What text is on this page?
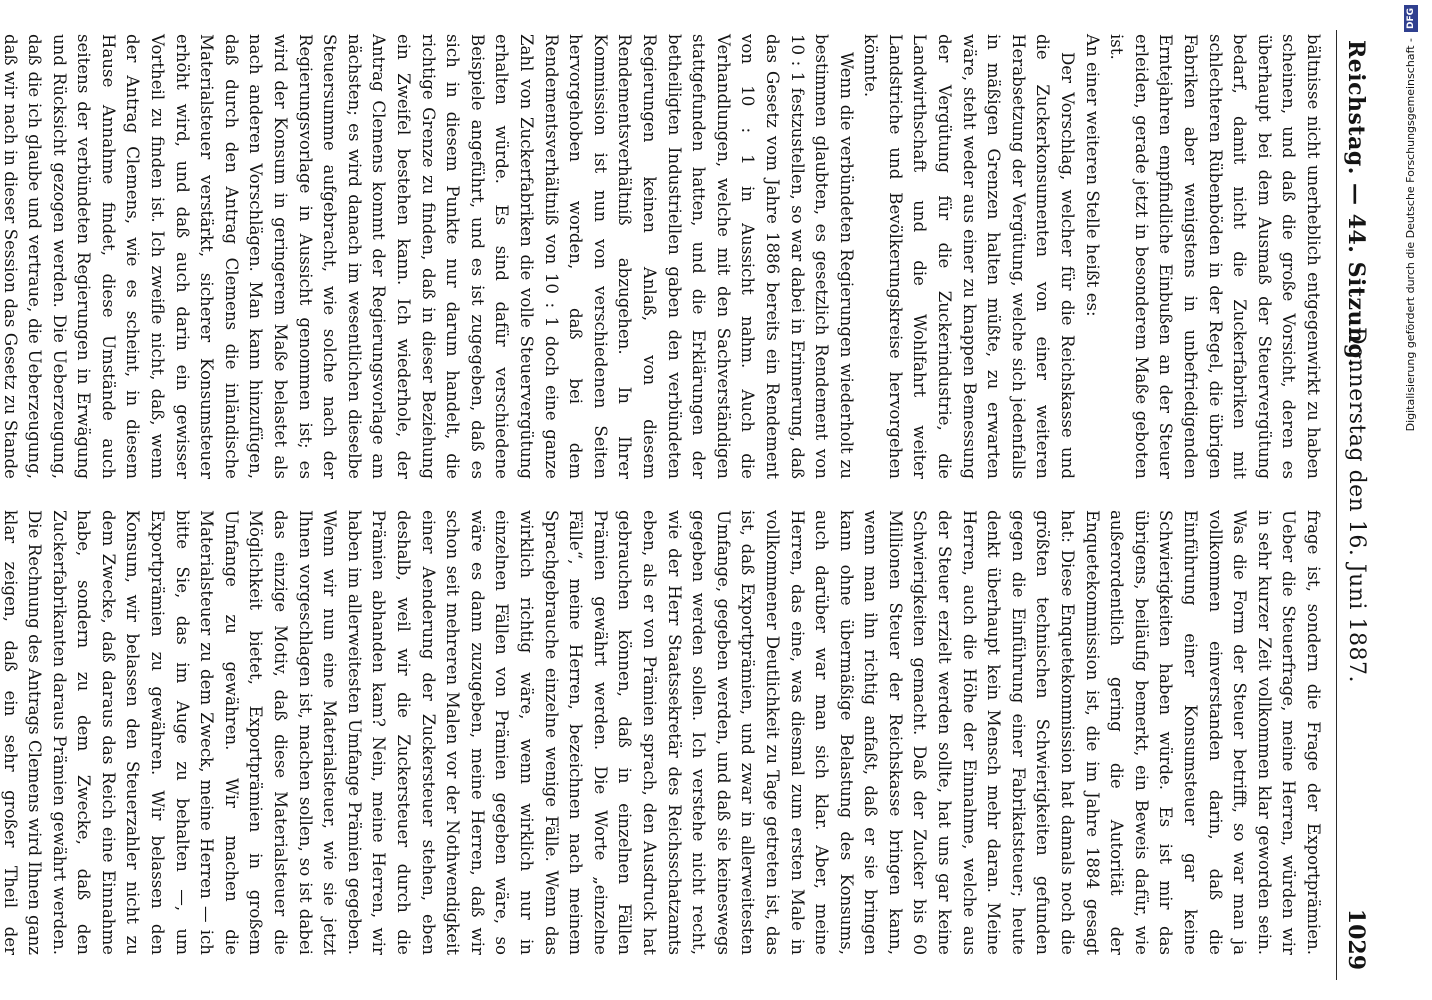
Reichstag. — 44. Sitzung.
Donnerstag den 16. Juni 1887.
1029

bältnisse nicht unerheblich entgegenwirkt zu haben scheinen, und daß die große Vorsicht, deren es überhaupt bei dem Ausmaß der Steuervergütung bedarf, damit nicht die Zuckerfabriken mit schlechteren Rübenböden in der Regel, die übrigen Fabriken aber wenigstens in unbefriedigenden Erntejahren empfindliche Einbußen an der Steuer erleiden, gerade jetzt in besonderem Maße geboten ist.

An einer weiteren Stelle heißt es:

Der Vorschlag, welcher für die Reichskasse und die Zuckerkonsumenten von einer weiteren Herabsetzung der Vergütung, welche sich jedenfalls in mäßigen Grenzen halten müßte, zu erwarten wäre, steht weder aus einer zu knappen Bemessung der Vergütung für die Zuckerindustrie, die Landwirthschaft und die Wohlfahrt weiter Landstriche und Bevölkerungskreise hervorgehen könnte.

Wenn die verbündeten Regierungen wiederholt zu bestimmen glaubten, es gesetzlich Rendement von 10 : 1 festzustellen, so war dabei in Erinnerung, daß das Gesetz vom Jahre 1886 bereits ein Rendement von 10 : 1 in Aussicht nahm. Auch die Verhandlungen, welche mit den Sachverständigen stattgefunden hatten, und die Erklärungen der betheiligten Industriellen gaben den verbündeten Regierungen keinen Anlaß, von diesem Rendementsverhältniß abzugehen. In Ihrer Kommission ist nun von verschiedenen Seiten hervorgehoben worden, daß bei dem Rendementsverhältniß von 10 : 1 doch eine ganze Zahl von Zuckerfabriken die volle Steuervergütung erhalten würde. Es sind dafür verschiedene Beispiele angeführt, und es ist zugegeben, daß es sich in diesem Punkte nur darum handelt, die richtige Grenze zu finden, daß in dieser Beziehung ein Zweifel bestehen kann. Ich wiederhole, der Antrag Clemens kommt der Regierungsvorlage am nächsten; es wird danach im wesentlichen dieselbe Steuersumme aufgebracht, wie solche nach der Regierungsvorlage in Aussicht genommen ist; es wird der Konsum in geringerem Maße belastet als nach anderen Vorschlägen. Man kann hinzufügen, daß durch den Antrag Clemens die inländische Materialsteuer verstärkt, sicherer Konsumsteuer erhöht wird, und daß auch darin ein gewisser Vortheil zu finden ist. Ich zweifle nicht, daß, wenn der Antrag Clemens, wie es scheint, in diesem Hause Annahme findet, diese Umstände auch seitens der verbündeten Regierungen in Erwägung und Rücksicht gezogen werden. Die Ueberzeugung, daß die ich glaube und vertraue, die Ueberzeugung, daß wir nach in dieser Session das Gesetz zu Stande

frage ist, sondern die Frage der Exportprämien. Ueber die Steuerfrage, meine Herren, würden wir in sehr kurzer Zeit vollkommen klar geworden sein. Was die Form der Steuer betrifft, so war man ja vollkommen einverstanden darin, daß die Einführung einer Konsumsteuer gar keine Schwierigkeiten haben würde. Es ist mir das übrigens, beiläufig bemerkt, ein Beweis dafür, wie außerordentlich gering die Autorität der Enquetekommission ist, die im Jahre 1884 gesagt hat: Diese Enquetekommission hat damals noch die größten technischen Schwierigkeiten gefunden gegen die Einführung einer Fabrikatsteuer; heute denkt überhaupt kein Mensch mehr daran. Meine Herren, auch die Höhe der Einnahme, welche aus der Steuer erzielt werden sollte, hat uns gar keine Schwierigkeiten gemacht. Daß der Zucker bis 60 Millionen Steuer der Reichskasse bringen kann, wenn man ihn richtig anfaßt, daß er sie bringen kann ohne übermäßige Belastung des Konsums, auch darüber war man sich klar. Aber, meine Herren, das eine, was diesmal zum ersten Male in vollkommener Deutlichkeit zu Tage getreten ist, das ist, daß Exportprämien, und zwar in allerweitesten Umfange, gegeben werden, und daß sie keineswegs gegeben werden sollen. Ich verstehe nicht recht, wie der Herr Staatssekretär des Reichsschatzamts eben, als er von Prämien sprach, den Ausdruck hat gebrauchen können, daß in einzelnen Fällen Prämien gewährt werden. Die Worte „einzelne Fälle“, meine Herren, bezeichnen nach meinem Sprachgebrauche einzelne wenige Fälle. Wenn das wirklich richtig wäre, wenn wirklich nur in einzelnen Fällen von Prämien gegeben wäre, so wäre es dann zuzugeben, meine Herren, daß wir schon seit mehreren Malen vor der Nothwendigkeit einer Aenderung der Zuckersteuer stehen, eben deshalb, weil wir die Zuckersteuer durch die Prämien abhanden kam? Nein, meine Herren, wir haben im allerweitesten Umfange Prämien gegeben. Wenn wir nun eine Materialsteuer, wie sie jetzt Ihnen vorgeschlagen ist, machen sollen, so ist dabei das einzige Motiv, daß diese Materialsteuer die Möglichkeit bietet, Exportprämien in großem Umfange zu gewähren. Wir machen die Materialsteuer zu dem Zweck, meine Herren — ich bitte Sie, das im Auge zu behalten —, um Exportprämien zu gewähren. Wir belassen den Konsum, wir belassen den Steuerzahler nicht zu dem Zwecke, daß daraus das Reich eine Einnahme habe, sondern zu dem Zwecke, daß den Zuckerfabrikanten daraus Prämien gewährt werden. Die Rechnung des Antrags Clemens wird Ihnen ganz klar zeigen, daß ein sehr großer Theil der

Digitalisierung gefördert durch die Deutsche Forschungsgemeinschaft -DFG
